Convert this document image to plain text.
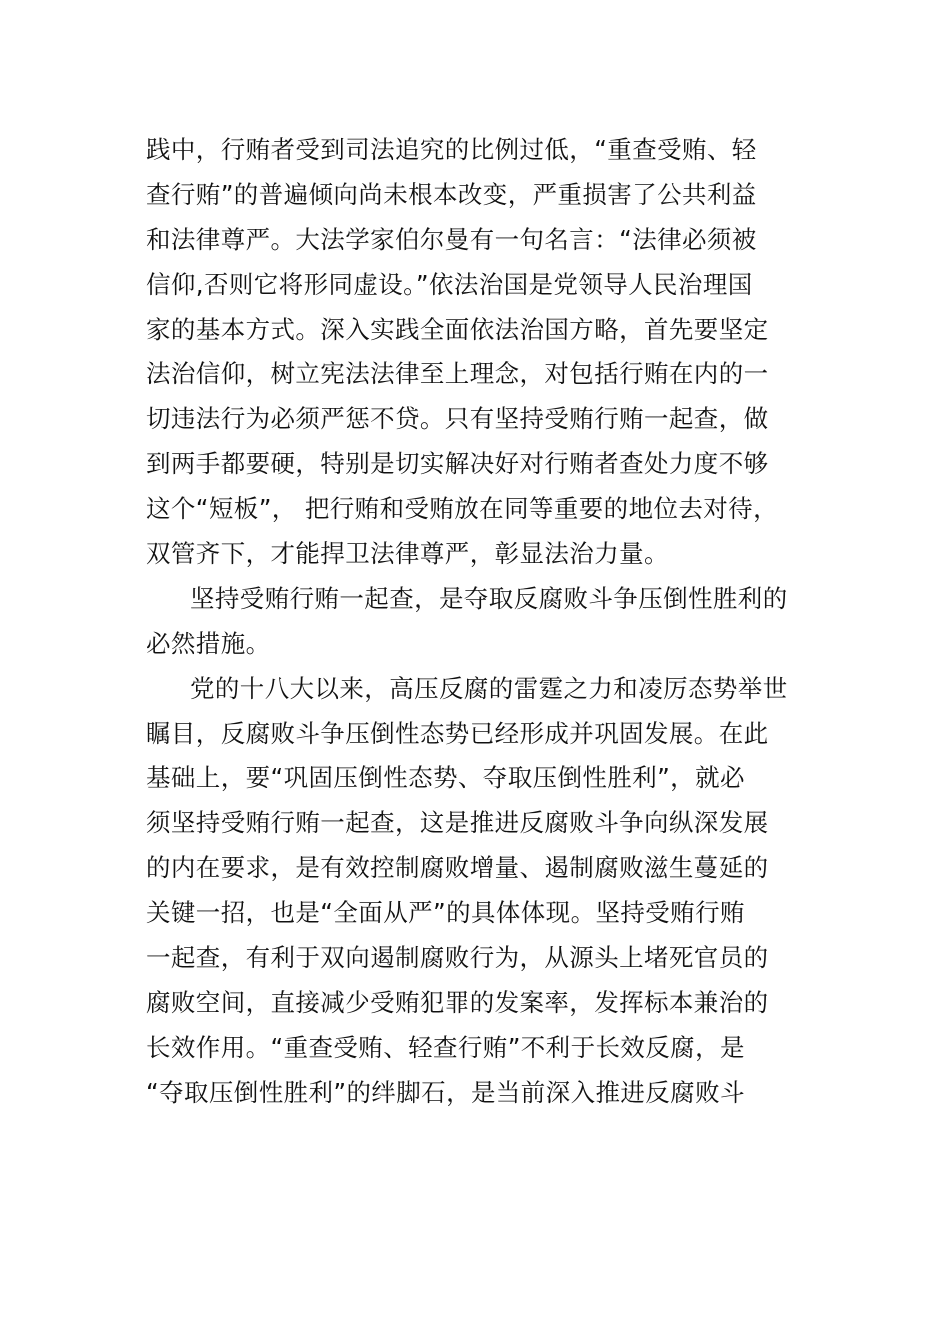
践中，行贿者受到司法追究的比例过低，“重查受贿、轻
查行贿”的普遍倾向尚未根本改变，严重损害了公共利益
和法律尊严。大法学家伯尔曼有一句名言：“法律必须被
信仰,否则它将形同虚设。”依法治国是党领导人民治理国
家的基本方式。深入实践全面依法治国方略，首先要坚定
法治信仰，树立宪法法律至上理念，对包括行贿在内的一
切违法行为必须严惩不贷。只有坚持受贿行贿一起查，做
到两手都要硬，特别是切实解决好对行贿者查处力度不够
这个“短板”， 把行贿和受贿放在同等重要的地位去对待，
双管齐下，才能捍卫法律尊严，彰显法治力量。
坚持受贿行贿一起查，是夺取反腐败斗争压倒性胜利的
必然措施。
党的十八大以来，高压反腐的雷霆之力和凌厉态势举世
瞩目，反腐败斗争压倒性态势已经形成并巩固发展。在此
基础上，要“巩固压倒性态势、夺取压倒性胜利”，就必
须坚持受贿行贿一起查，这是推进反腐败斗争向纵深发展
的内在要求，是有效控制腐败增量、遏制腐败滋生蔓延的
关键一招，也是“全面从严”的具体体现。坚持受贿行贿
一起查，有利于双向遏制腐败行为，从源头上堵死官员的
腐败空间，直接减少受贿犯罪的发案率，发挥标本兼治的
长效作用。“重查受贿、轻查行贿”不利于长效反腐，是
“夺取压倒性胜利”的绊脚石，是当前深入推进反腐败斗
